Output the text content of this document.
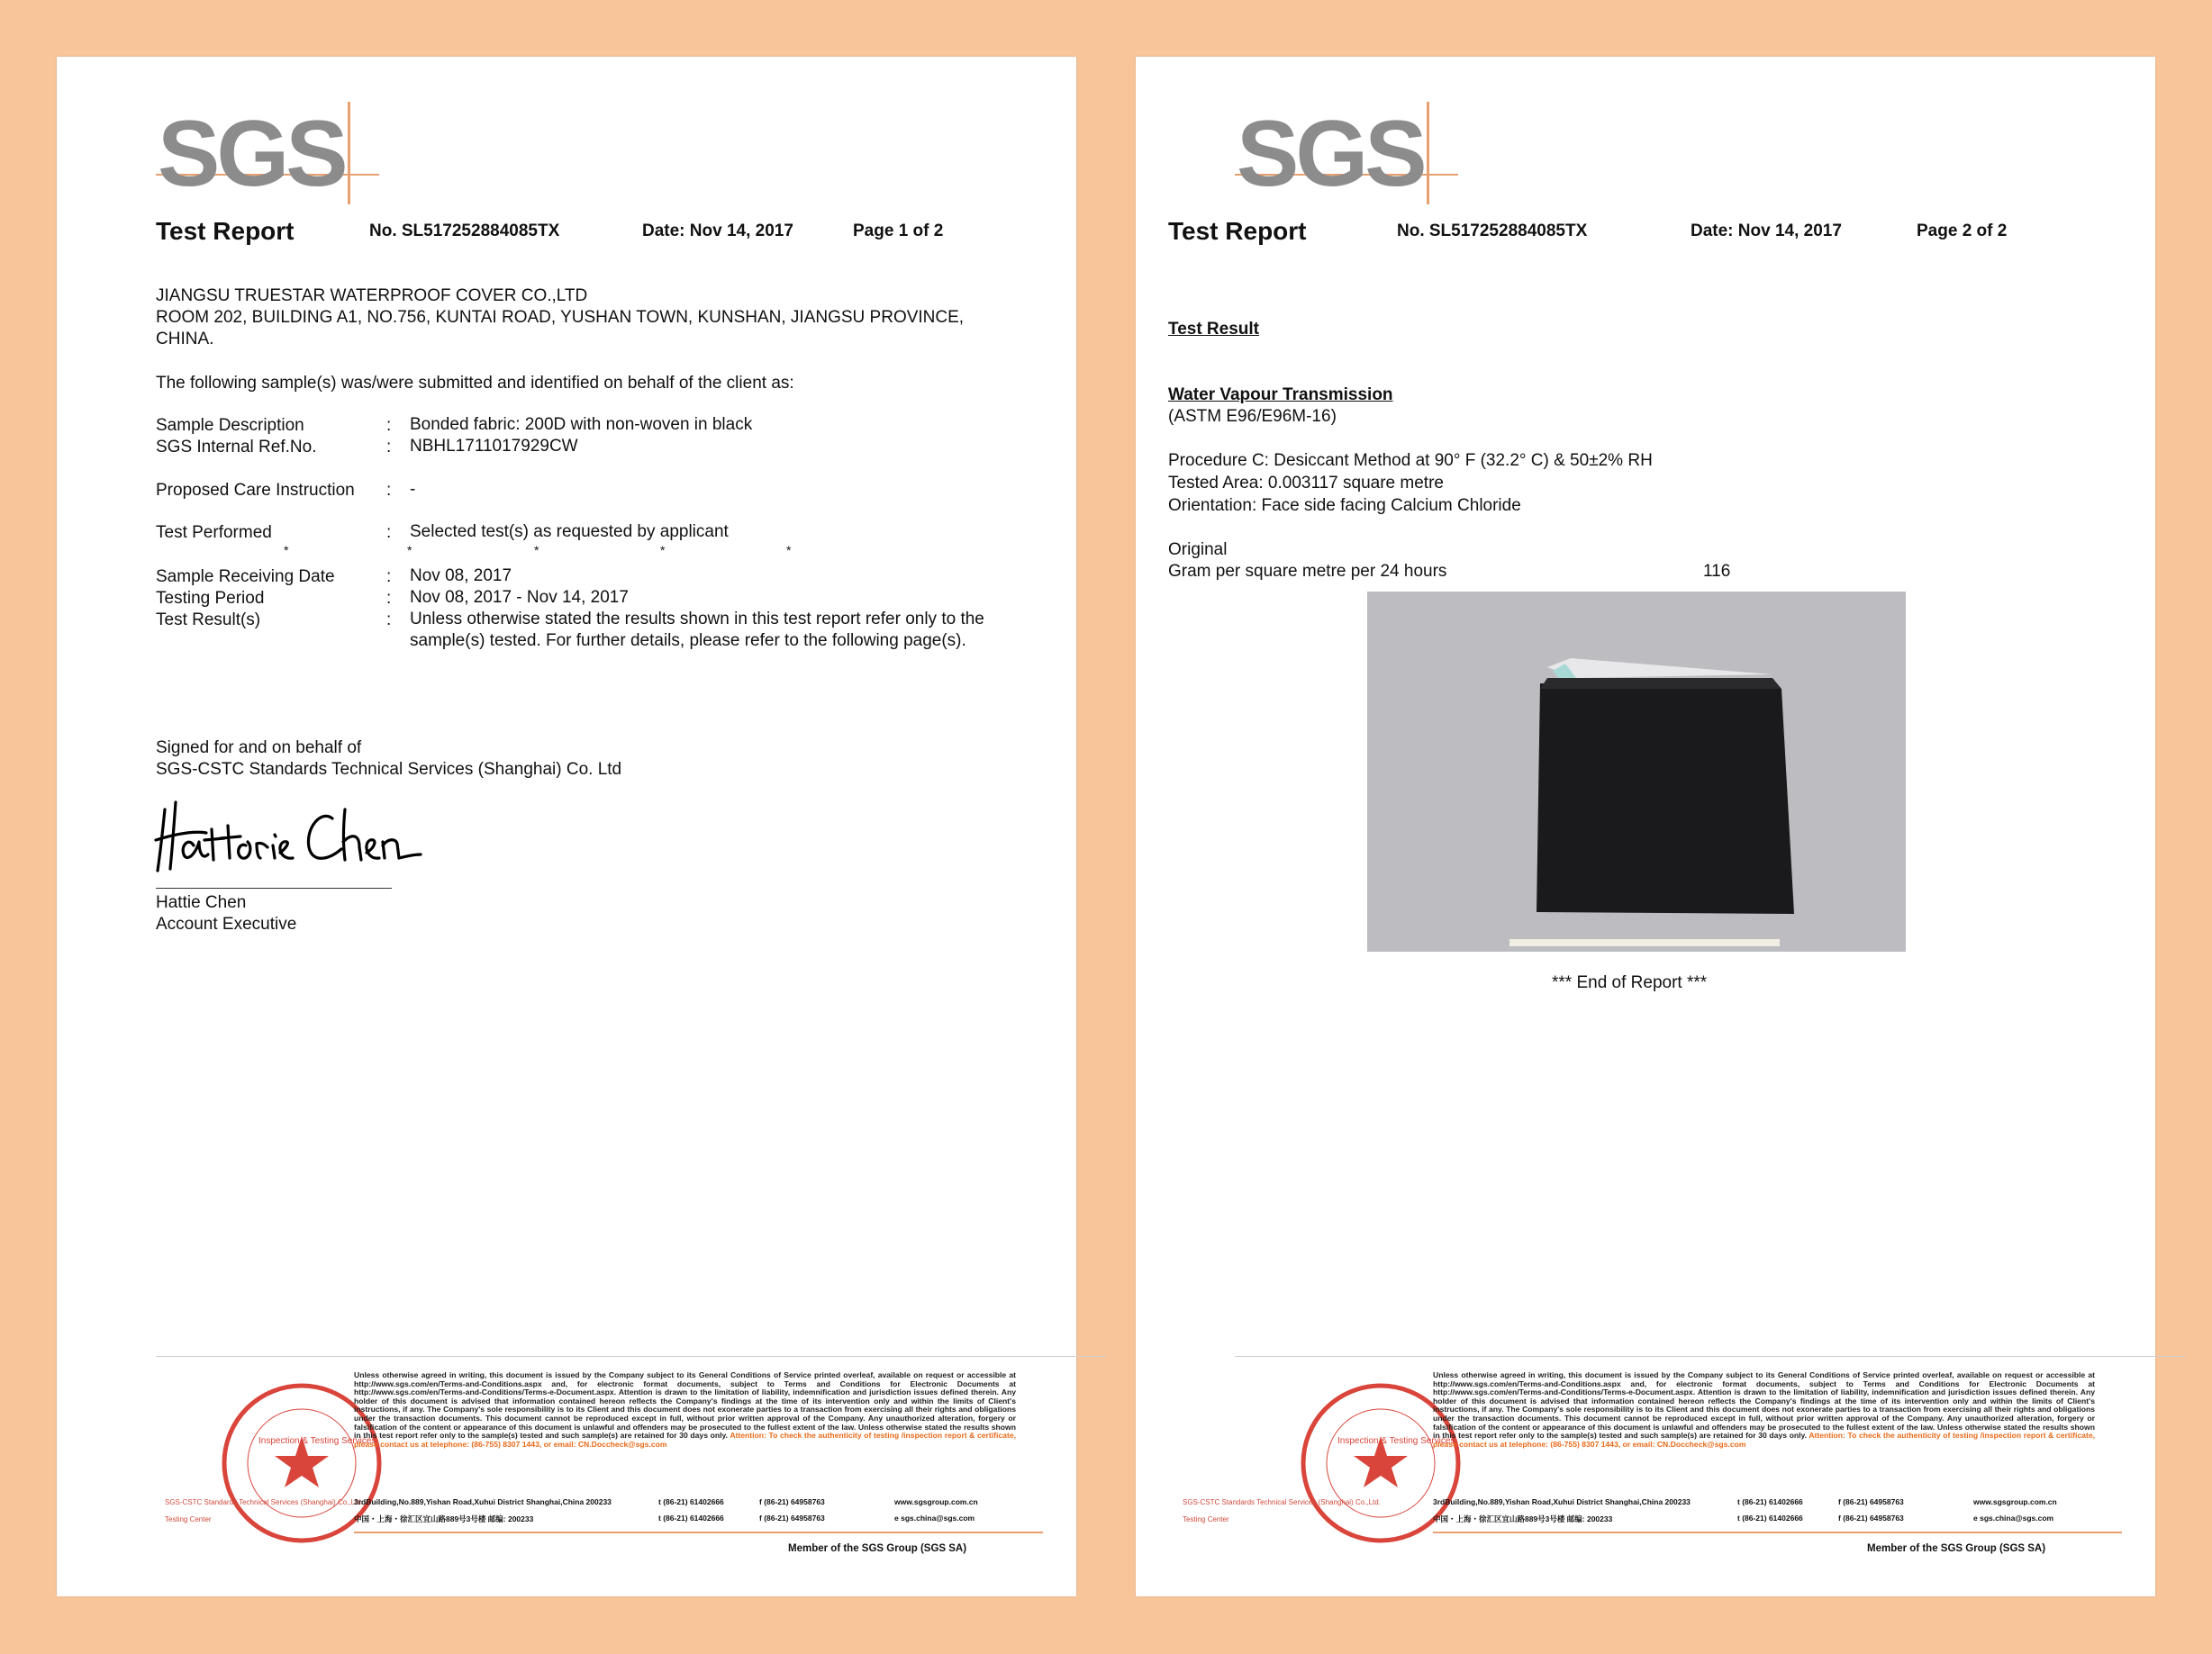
SGS
Test Report	No. SL517252884085TX	Date: Nov 14, 2017	Page 1 of 2
JIANGSU TRUESTAR WATERPROOF COVER CO.,LTD
ROOM 202, BUILDING A1, NO.756, KUNTAI ROAD, YUSHAN TOWN, KUNSHAN, JIANGSU PROVINCE,
CHINA.
The following sample(s) was/were submitted and identified on behalf of the client as:
Sample Description	: Bonded fabric: 200D with non-woven in black
SGS Internal Ref.No.	: NBHL1711017929CW
Proposed Care Instruction : -
Test Performed	: Selected test(s) as requested by applicant
*	*	*	*	*
Sample Receiving Date	: Nov 08, 2017
Testing Period	: Nov 08, 2017 - Nov 14, 2017
Test Result(s)	: Unless otherwise stated the results shown in this test report refer only to the
sample(s) tested. For further details, please refer to the following page(s).
Signed for and on behalf of
SGS-CSTC Standards Technical Services (Shanghai) Co. Ltd
Hattie Chen
Account Executive
Inspection & Testing Services
SGS-CSTC Standards Technical Services (Shanghai) Co.,Ltd.
Testing Center
Unless otherwise agreed in writing, this document is issued by the Company subject to its General Conditions of Service printed overleaf, available on request or accessible at http://www.sgs.com/en/Terms-and-Conditions.aspx and, for electronic format documents, subject to Terms and Conditions for Electronic Documents at http://www.sgs.com/en/Terms-and-Conditions/Terms-e-Document.aspx. Attention is drawn to the limitation of liability, indemnification and jurisdiction issues defined therein. Any holder of this document is advised that information contained hereon reflects the Company's findings at the time of its intervention only and within the limits of Client's instructions, if any. The Company's sole responsibility is to its Client and this document does not exonerate parties to a transaction from exercising all their rights and obligations under the transaction documents. This document cannot be reproduced except in full, without prior written approval of the Company. Any unauthorized alteration, forgery or falsification of the content or appearance of this document is unlawful and offenders may be prosecuted to the fullest extent of the law. Unless otherwise stated the results shown in this test report refer only to the sample(s) tested and such sample(s) are retained for 30 days only. Attention: To check the authenticity of testing /inspection report & certificate, please contact us at telephone: (86-755) 8307 1443, or email: CN.Doccheck@sgs.com
3rdBuilding,No.889,Yishan Road,Xuhui District Shanghai,China 200233
中国・上海・徐汇区宜山路889号3号楼 邮编: 200233
t (86-21) 61402666
t (86-21) 61402666
f (86-21) 64958763
f (86-21) 64958763
www.sgsgroup.com.cn
e sgs.china@sgs.com
Member of the SGS Group (SGS SA)
SGS
Test Report	No. SL517252884085TX	Date: Nov 14, 2017	Page 2 of 2
Test Result
Water Vapour Transmission
(ASTM E96/E96M-16)
Procedure C: Desiccant Method at 90° F (32.2° C) & 50±2% RH
Tested Area: 0.003117 square metre
Orientation: Face side facing Calcium Chloride
Original
Gram per square metre per 24 hours	116
*** End of Report ***
Inspection & Testing Services
SGS-CSTC Standards Technical Services (Shanghai) Co.,Ltd.
Testing Center
Unless otherwise agreed in writing, this document is issued by the Company subject to its General Conditions of Service printed overleaf, available on request or accessible at http://www.sgs.com/en/Terms-and-Conditions.aspx and, for electronic format documents, subject to Terms and Conditions for Electronic Documents at http://www.sgs.com/en/Terms-and-Conditions/Terms-e-Document.aspx. Attention is drawn to the limitation of liability, indemnification and jurisdiction issues defined therein. Any holder of this document is advised that information contained hereon reflects the Company's findings at the time of its intervention only and within the limits of Client's instructions, if any. The Company's sole responsibility is to its Client and this document does not exonerate parties to a transaction from exercising all their rights and obligations under the transaction documents. This document cannot be reproduced except in full, without prior written approval of the Company. Any unauthorized alteration, forgery or falsification of the content or appearance of this document is unlawful and offenders may be prosecuted to the fullest extent of the law. Unless otherwise stated the results shown in this test report refer only to the sample(s) tested and such sample(s) are retained for 30 days only. Attention: To check the authenticity of testing /inspection report & certificate, please contact us at telephone: (86-755) 8307 1443, or email: CN.Doccheck@sgs.com
3rdBuilding,No.889,Yishan Road,Xuhui District Shanghai,China 200233
中国・上海・徐汇区宜山路889号3号楼 邮编: 200233
t (86-21) 61402666
t (86-21) 61402666
f (86-21) 64958763
f (86-21) 64958763
www.sgsgroup.com.cn
e sgs.china@sgs.com
Member of the SGS Group (SGS SA)
